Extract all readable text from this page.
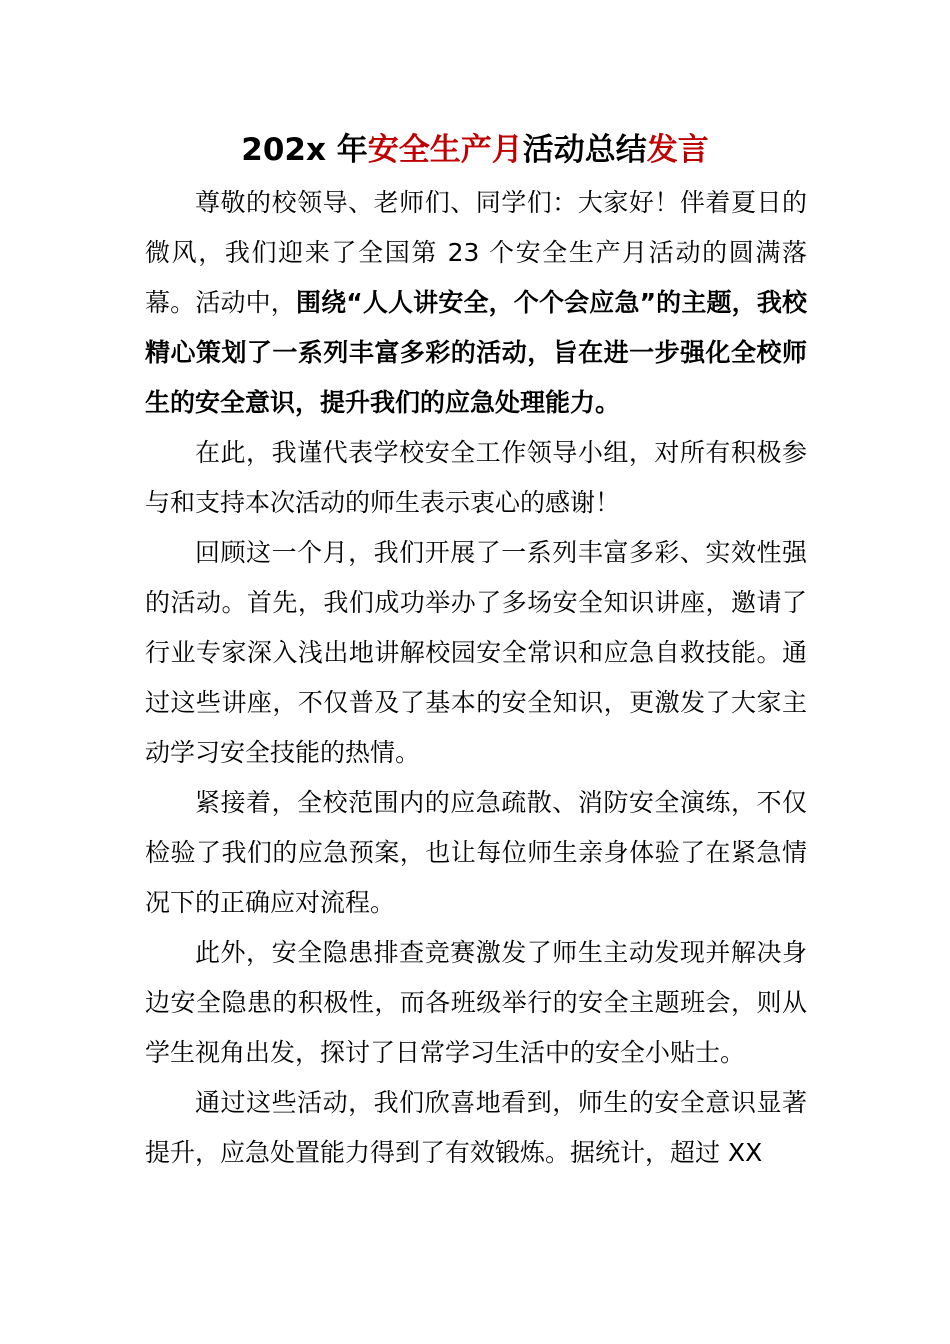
202x 年安全生产月活动总结发言

尊敬的校领导、老师们、同学们：大家好！伴着夏日的微风，我们迎来了全国第 23 个安全生产月活动的圆满落幕。活动中，围绕“人人讲安全，个个会应急”的主题，我校精心策划了一系列丰富多彩的活动，旨在进一步强化全校师生的安全意识，提升我们的应急处理能力。

在此，我谨代表学校安全工作领导小组，对所有积极参与和支持本次活动的师生表示衷心的感谢！

回顾这一个月，我们开展了一系列丰富多彩、实效性强的活动。首先，我们成功举办了多场安全知识讲座，邀请了行业专家深入浅出地讲解校园安全常识和应急自救技能。通过这些讲座，不仅普及了基本的安全知识，更激发了大家主动学习安全技能的热情。

紧接着，全校范围内的应急疏散、消防安全演练，不仅检验了我们的应急预案，也让每位师生亲身体验了在紧急情况下的正确应对流程。

此外，安全隐患排查竞赛激发了师生主动发现并解决身边安全隐患的积极性，而各班级举行的安全主题班会，则从学生视角出发，探讨了日常学习生活中的安全小贴士。

通过这些活动，我们欣喜地看到，师生的安全意识显著提升，应急处置能力得到了有效锻炼。据统计，超过 XX
